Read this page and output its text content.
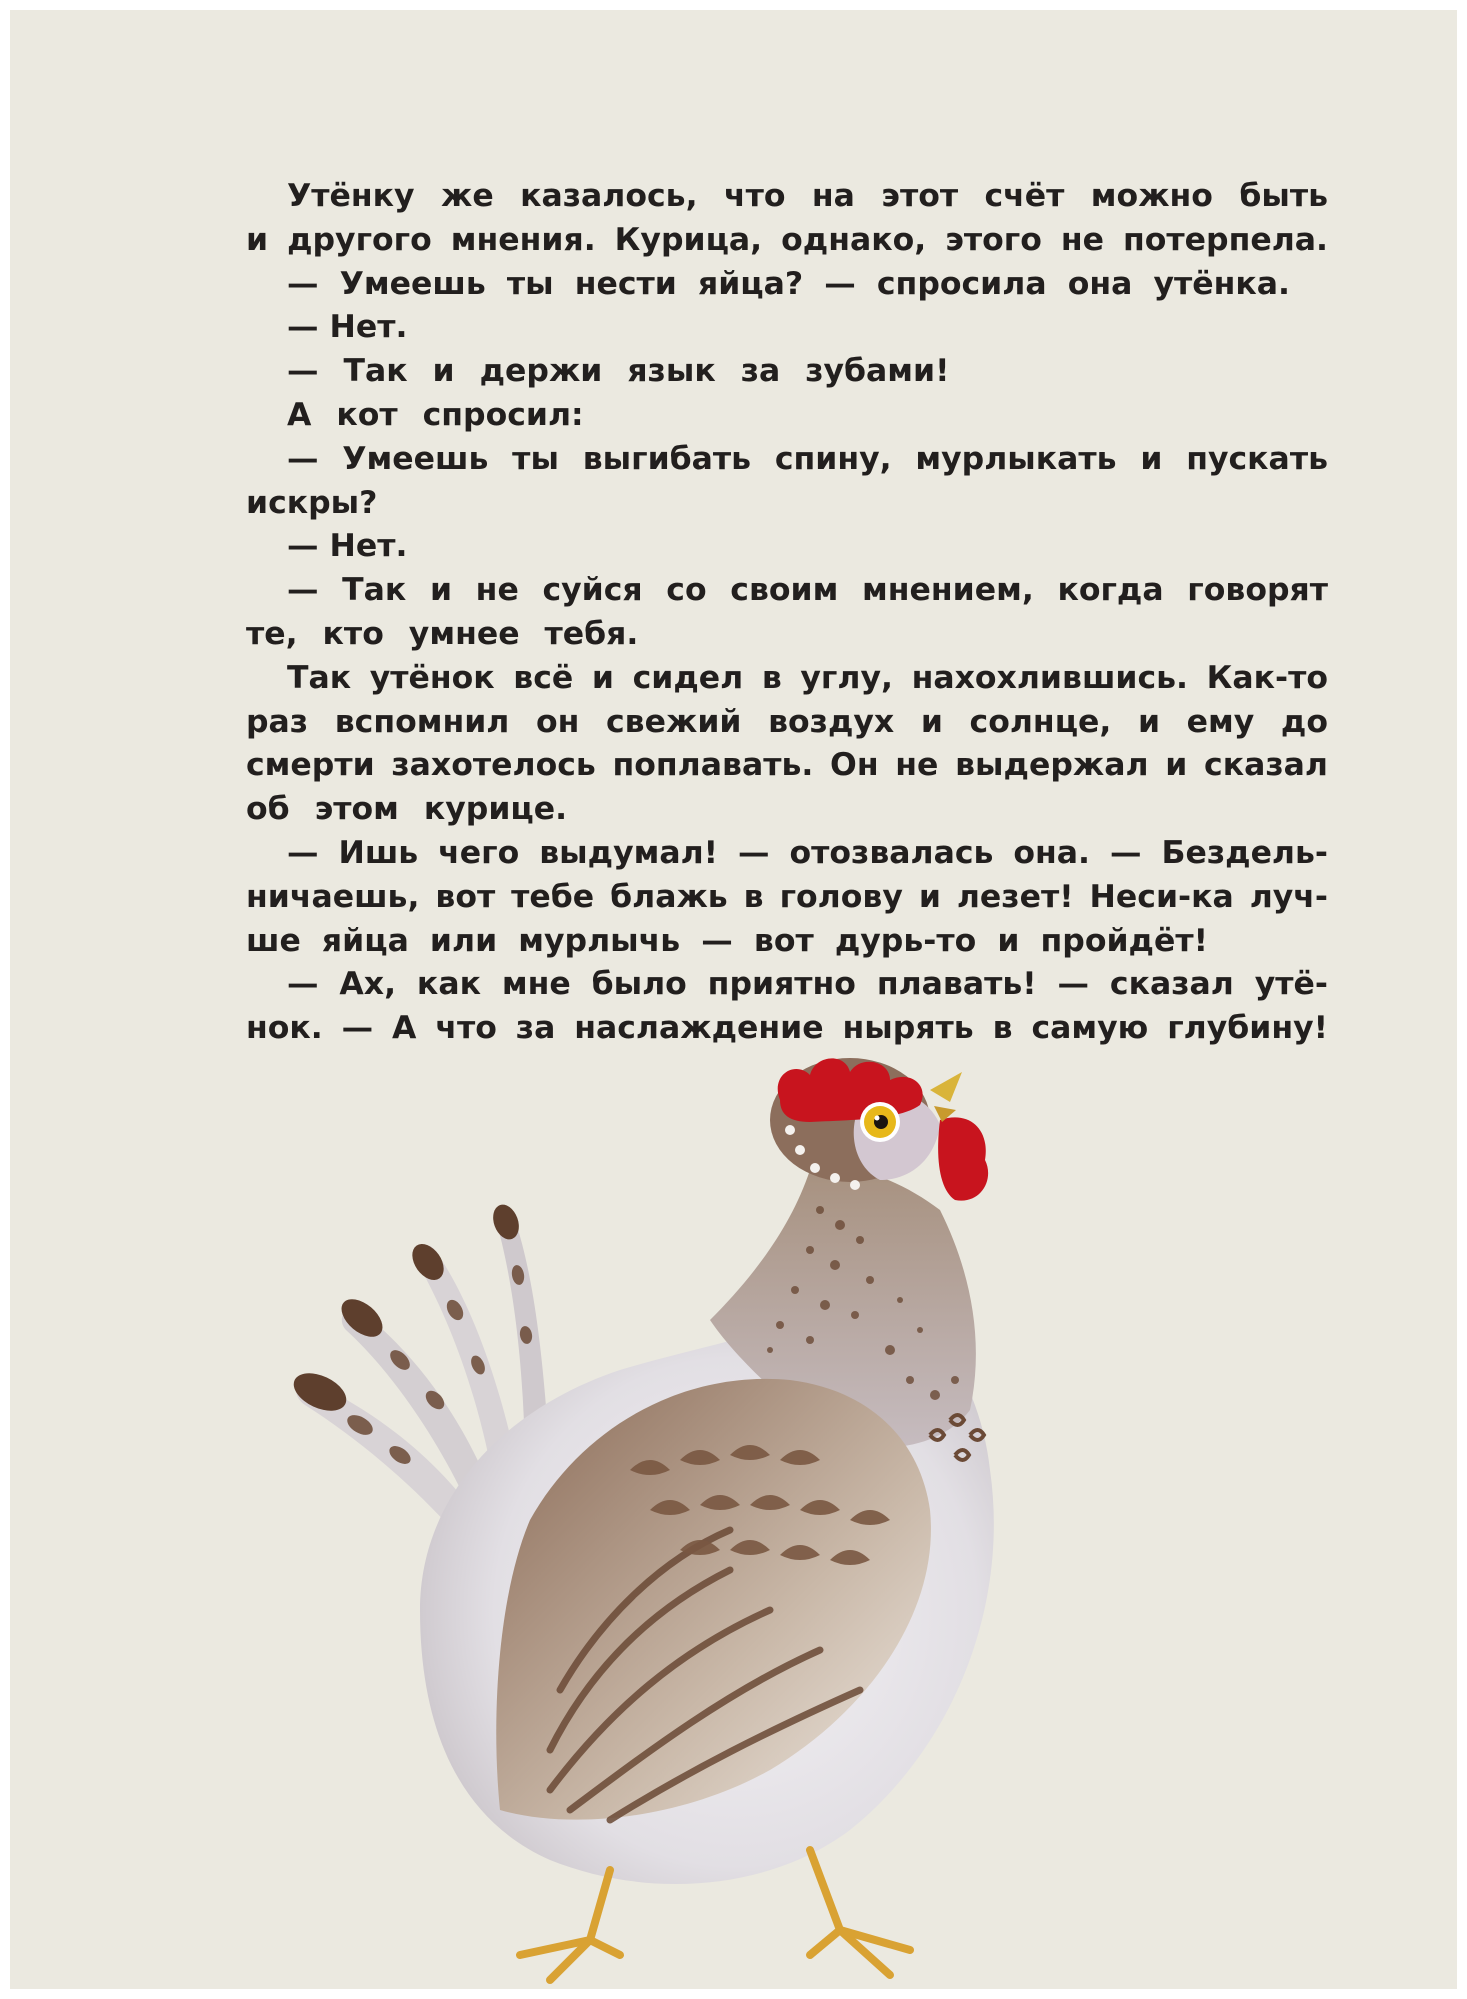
Утёнку же казалось, что на этот счёт можно быть
и другого мнения. Курица, однако, этого не потерпела.
— Умеешь ты нести яйца? — спросила она утёнка.
— Нет.
— Так и держи язык за зубами!
А кот спросил:
— Умеешь ты выгибать спину, мурлыкать и пускать
искры?
— Нет.
— Так и не суйся со своим мнением, когда говорят
те, кто умнее тебя.
Так утёнок всё и сидел в углу, нахохлившись. Как-то
раз вспомнил он свежий воздух и солнце, и ему до
смерти захотелось поплавать. Он не выдержал и сказал
об этом курице.
— Ишь чего выдумал! — отозвалась она. — Бездель-
ничаешь, вот тебе блажь в голову и лезет! Неси-ка луч-
ше яйца или мурлычь — вот дурь-то и пройдёт!
— Ах, как мне было приятно плавать! — сказал утё-
нок. — А что за наслаждение нырять в самую глубину!
